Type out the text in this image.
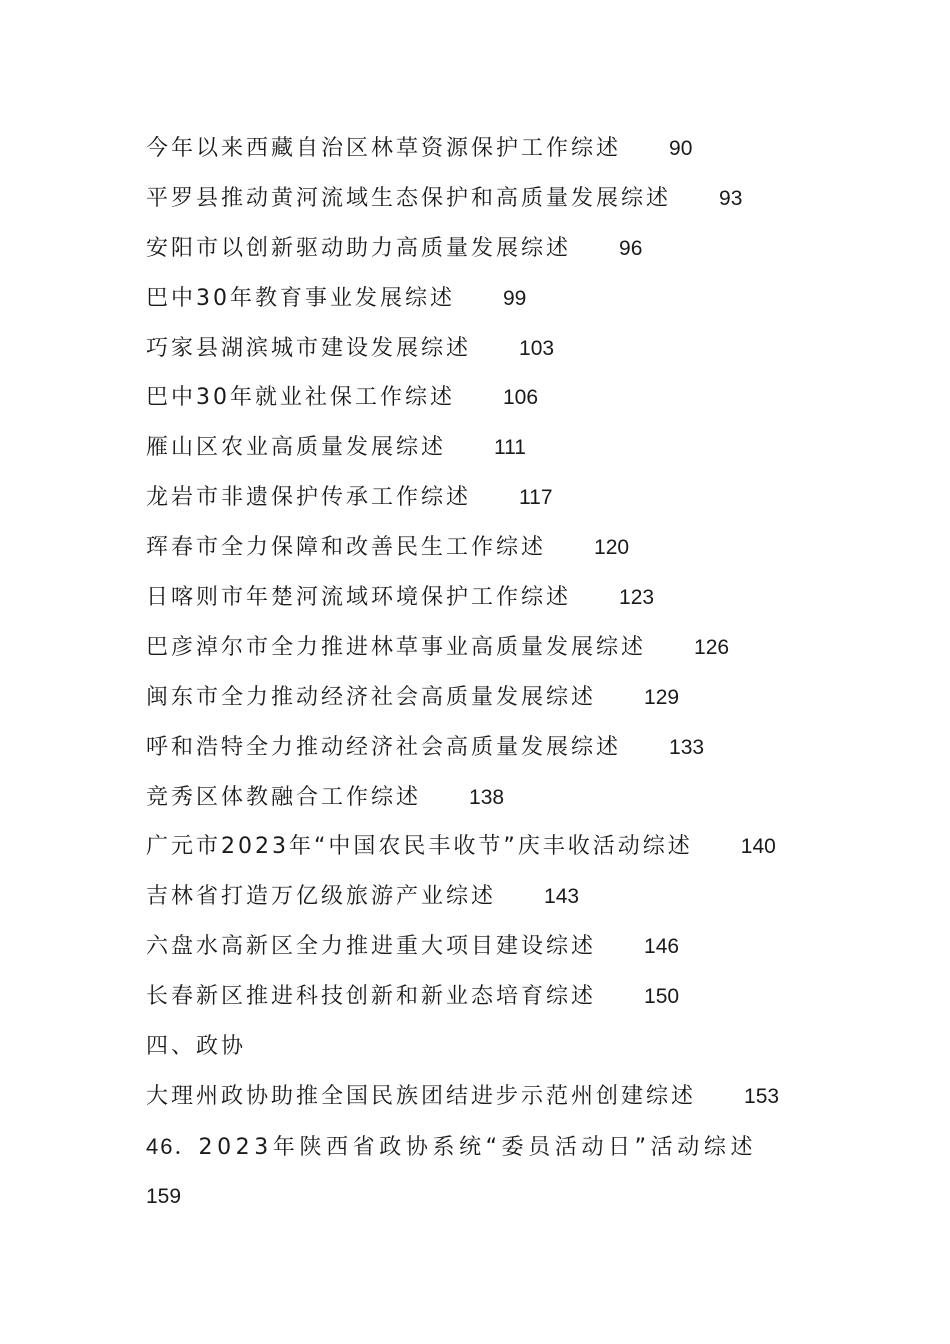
今年以来西藏自治区林草资源保护工作综述 90
平罗县推动黄河流域生态保护和高质量发展综述 93
安阳市以创新驱动助力高质量发展综述 96
巴中30年教育事业发展综述 99
巧家县湖滨城市建设发展综述 103
巴中30年就业社保工作综述 106
雁山区农业高质量发展综述 111
龙岩市非遗保护传承工作综述 117
珲春市全力保障和改善民生工作综述 120
日喀则市年楚河流域环境保护工作综述 123
巴彦淖尔市全力推进林草事业高质量发展综述 126
闽东市全力推动经济社会高质量发展综述 129
呼和浩特全力推动经济社会高质量发展综述 133
竞秀区体教融合工作综述 138
广元市2023年“中国农民丰收节”庆丰收活动综述 140
吉林省打造万亿级旅游产业综述 143
六盘水高新区全力推进重大项目建设综述 146
长春新区推进科技创新和新业态培育综述 150
四、政协
大理州政协助推全国民族团结进步示范州创建综述 153
46．2023年陕西省政协系统“委员活动日”活动综述
159
